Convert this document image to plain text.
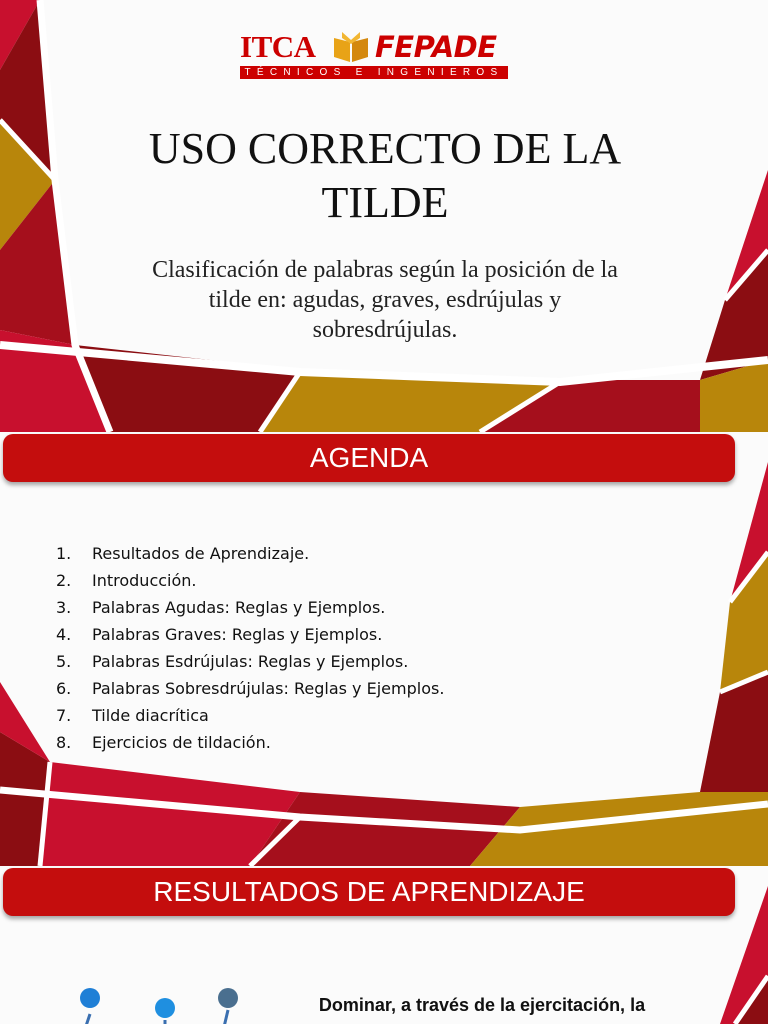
ITCA FEPADE
TÉCNICOS E INGENIEROS
USO CORRECTO DE LA
TILDE
Clasificación de palabras según la posición de la
tilde en: agudas, graves, esdrújulas y
sobresdrújulas.
AGENDA
1.	Resultados de Aprendizaje.
2.	Introducción.
3.	Palabras Agudas: Reglas y Ejemplos.
4.	Palabras Graves: Reglas y Ejemplos.
5.	Palabras Esdrújulas: Reglas y Ejemplos.
6.	Palabras Sobresdrújulas: Reglas y Ejemplos.
7.	Tilde diacrítica
8.	Ejercicios de tildación.
RESULTADOS DE APRENDIZAJE
Dominar, a través de la ejercitación, la
